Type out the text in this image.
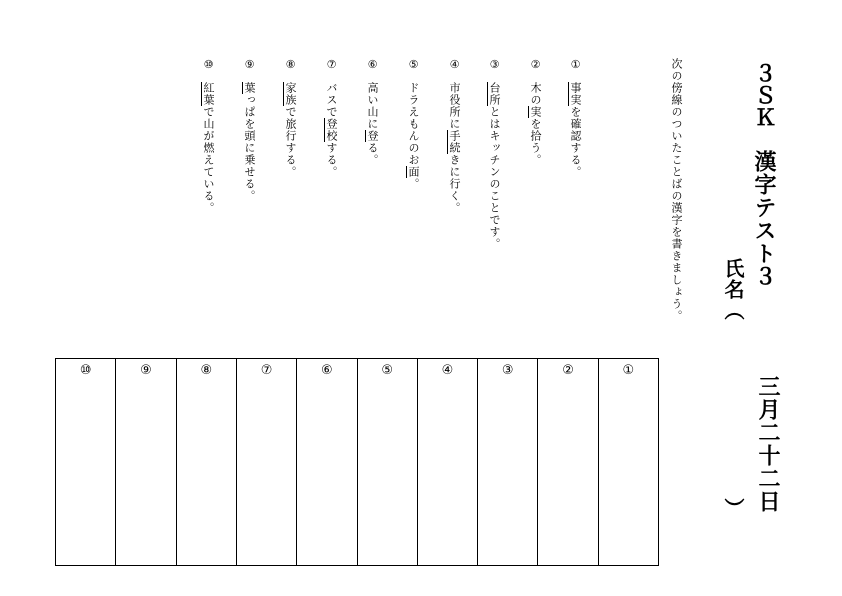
３ＳＫ漢字テスト３
三月二十二日
氏名（
）
次の傍線のついたことばの漢字を書きましょう。
①事実を確認する。
②木の実を拾う。
③台所とはキッチンのことです。
④市役所に手続きに行く。
⑤ドラえもんのお面。
⑥高い山に登る。
⑦バスで登校する。
⑧家族で旅行する。
⑨葉っぱを頭に乗せる。
⑩紅葉で山が燃えている。
①
②
③
④
⑤
⑥
⑦
⑧
⑨
⑩
